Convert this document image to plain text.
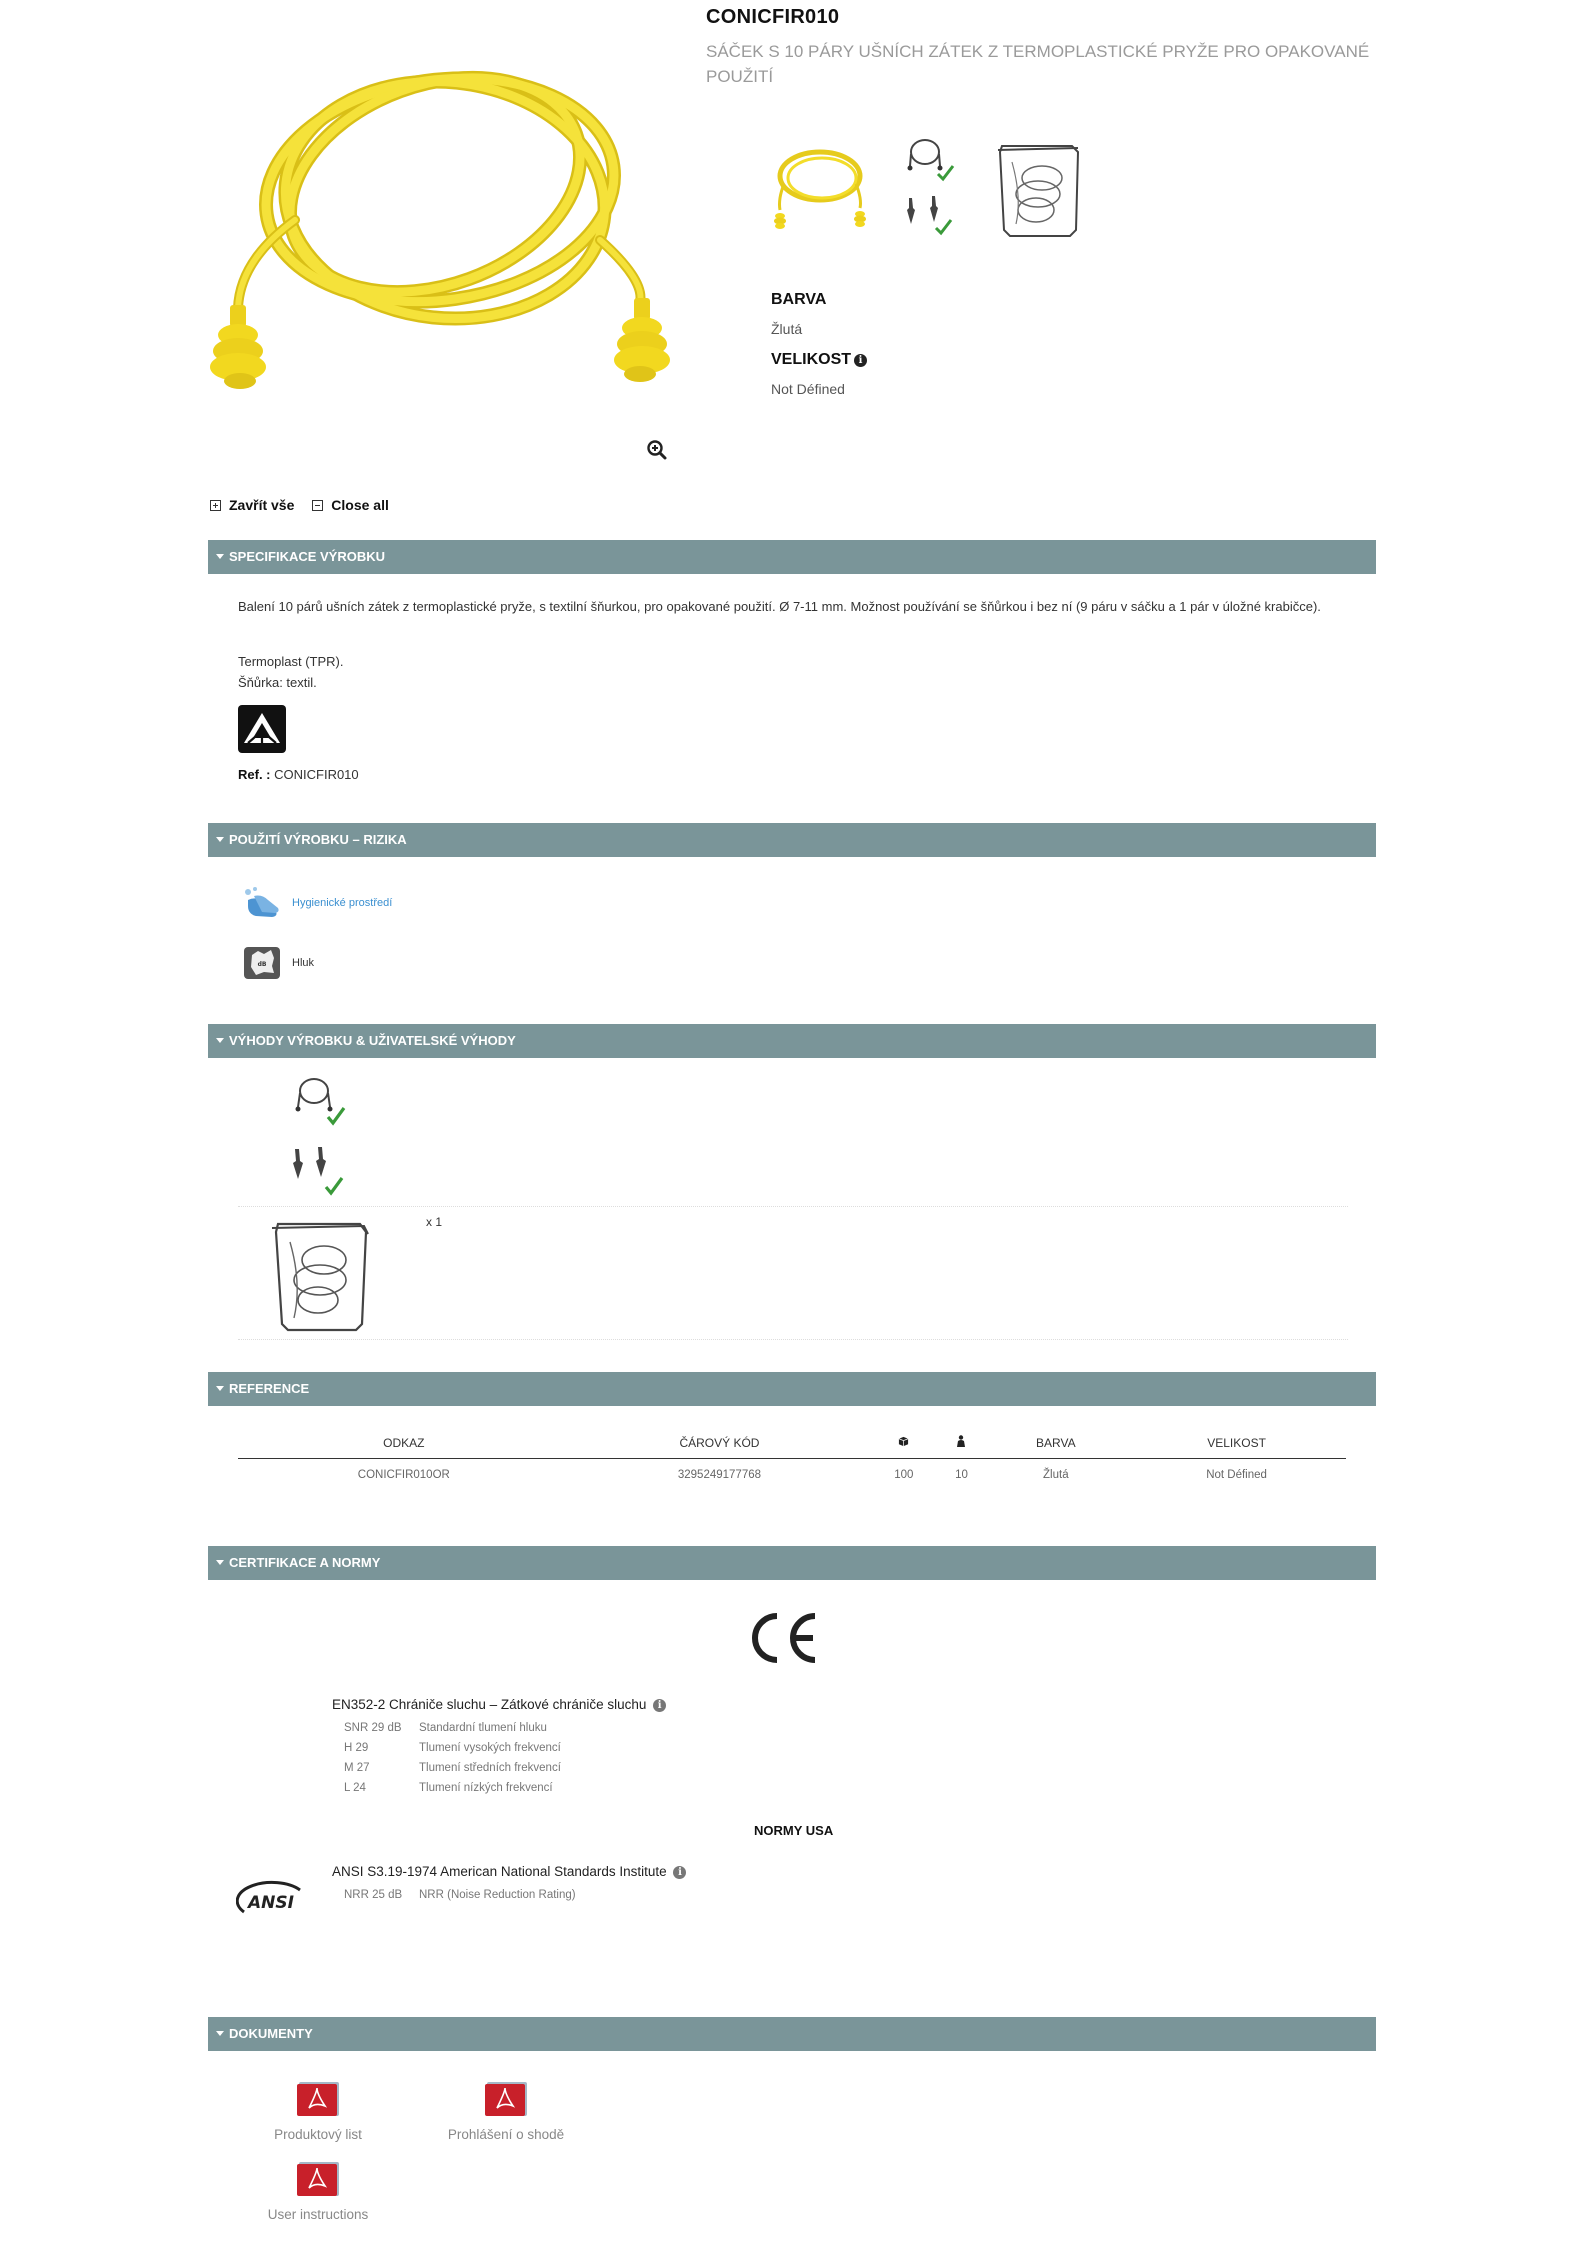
CONICFIR010
SÁČEK S 10 PÁRY UŠNÍCH ZÁTEK Z TERMOPLASTICKÉ PRYŽE PRO OPAKOVANÉ POUŽITÍ
BARVA
Žlutá
VELIKOST i
Not Défined
Zavřít vše
	Close all
SPECIFIKACE VÝROBKU
Balení 10 párů ušních zátek z termoplastické pryže, s textilní šňurkou, pro opakované použití. Ø 7-11 mm. Možnost používání se šňůrkou i bez ní (9 páru v sáčku a 1 pár v úložné krabičce).
Termoplast (TPR).
Šňůrka: textil.
Ref. : CONICFIR010
POUŽITÍ VÝROBKU – RIZIKA
Hygienické prostředí
dB Hluk
VÝHODY VÝROBKU & UŽIVATELSKÉ VÝHODY
x 1
REFERENCE
ODKAZ	ČÁROVÝ KÓD			BARVA	VELIKOST
CONICFIR010OR	3295249177768	100	10	Žlutá	Not Défined
CERTIFIKACE A NORMY
EN352-2 Chrániče sluchu – Zátkové chrániče sluchu i
SNR 29 dB Standardní tlumení hluku
H 29	Tlumení vysokých frekvencí
M 27	Tlumení středních frekvencí
L 24	Tlumení nízkých frekvencí
NORMY USA
ANSI
ANSI S3.19-1974 American National Standards Institute i
NRR 25 dB NRR (Noise Reduction Rating)
DOKUMENTY
Produktový list	Prohlášení o shodě
User instructions
